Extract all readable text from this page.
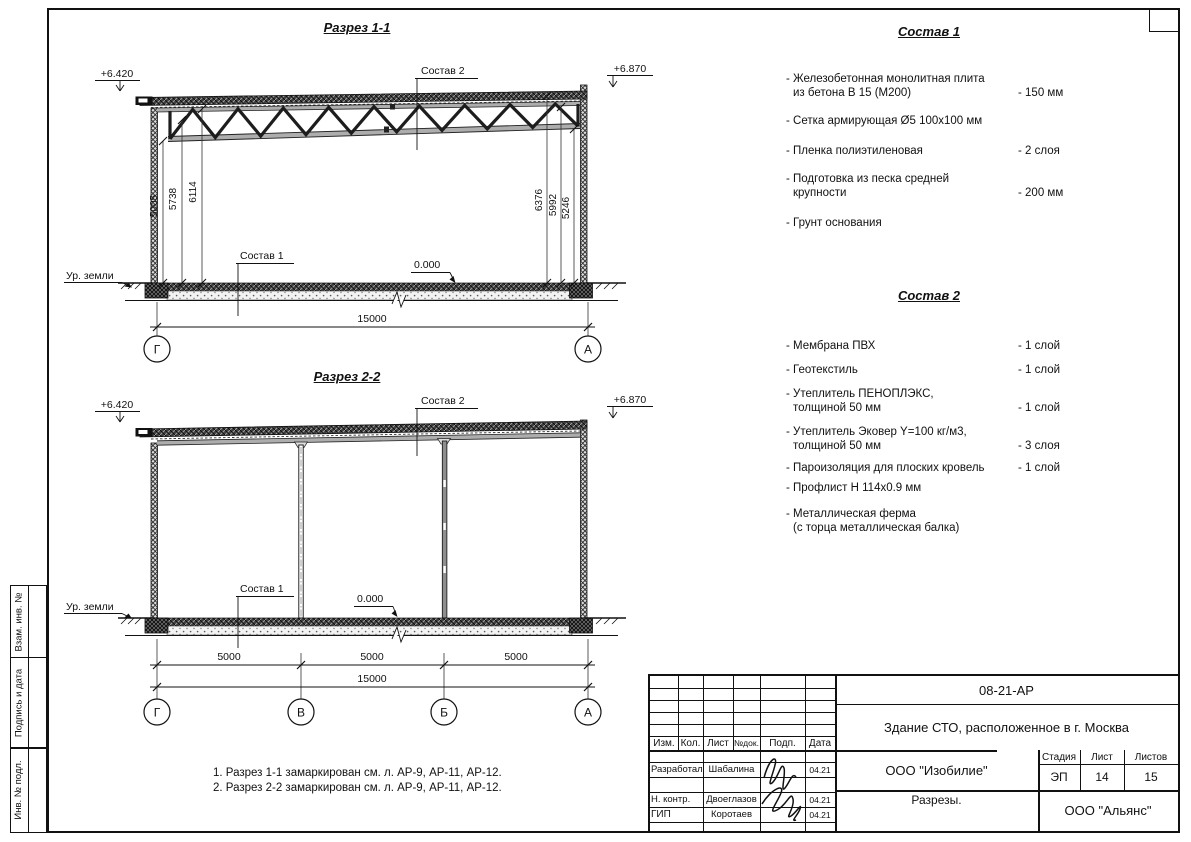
Взам. инв. №
Подпись и дата
Инв. № подл.
Разрез 1-1
Разрез 2-2
+6.420	+6.870
Состав 2
Состав 1
0.000
Ур. земли
5005 5738 6114	6376 5992 5246
15000
Г	А
+6.420	+6.870
Состав 2
Состав 1
0.000
Ур. земли
5000	5000	5000
15000
Г	В	Б	А
Состав 1
- Железобетонная монолитная плита
из бетона В 15 (М200)	- 150 мм
- Сетка армирующая Ø5 100х100 мм
- Пленка полиэтиленовая	- 2 слоя
- Подготовка из песка средней
крупности	- 200 мм
- Грунт основания
Состав 2
- Мембрана ПВХ	- 1 слой
- Геотекстиль	- 1 слой
- Утеплитель ПЕНОПЛЭКС,
толщиной 50 мм	- 1 слой
- Утеплитель Эковер Y=100 кг/м3,
толщиной 50 мм	- 3 слоя
- Пароизоляция для плоских кровель	- 1 слой
- Профлист Н 114х0.9 мм
- Металлическая ферма
(с торца металлическая балка)
1. Разрез 1-1 замаркирован см. л. АР-9, АР-11, АР-12.
2. Разрез 2-2 замаркирован см. л. АР-9, АР-11, АР-12.
Изм. Кол. Лист №док.	Подп.	Дата
Разработал Шабалина	04.21
Н. контр.	Двоеглазов	04.21
ГИП	Коротаев	04.21
08-21-АР
Здание СТО, расположенное в г. Москва
ООО "Изобилие"
Стадия	Лист	Листов
ЭП	14	15
Разрезы.
ООО "Альянс"
